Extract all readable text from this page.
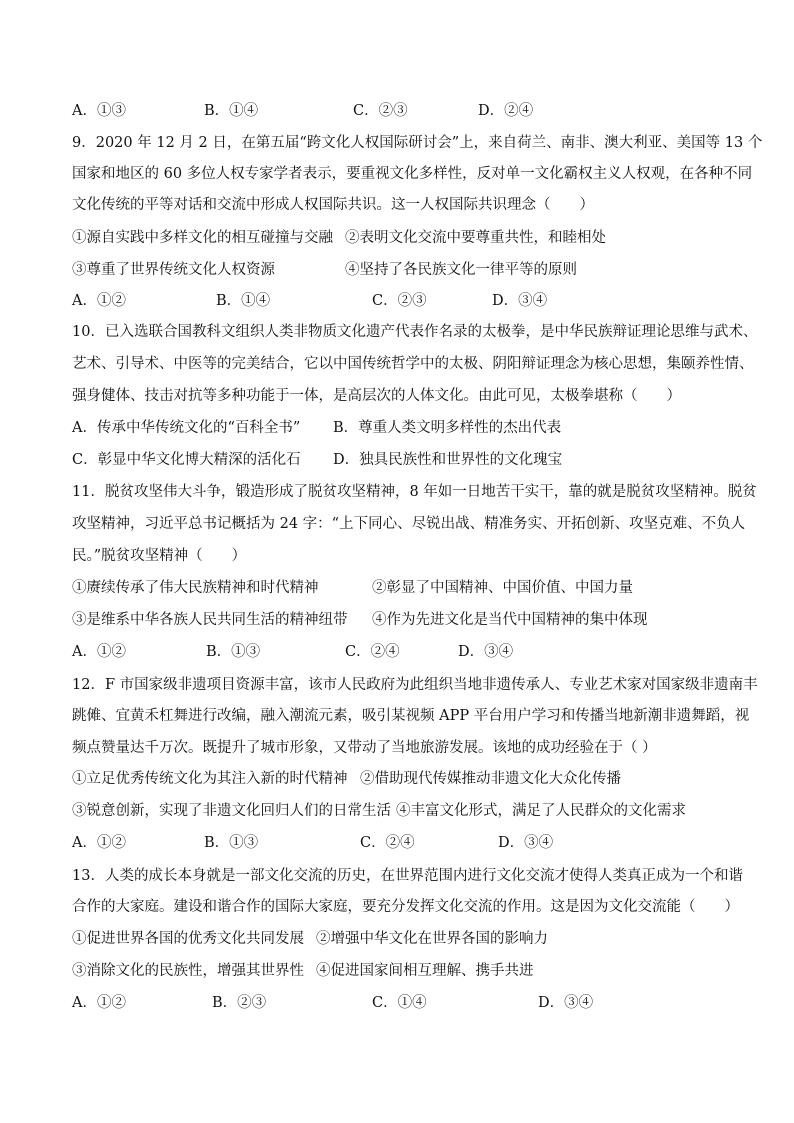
A．①③	B．①④	C．②③	D．②④
9．2020 年 12 月 2 日，在第五届“跨文化人权国际研讨会”上，来自荷兰、南非、澳大利亚、美国等 13 个
国家和地区的 60 多位人权专家学者表示，要重视文化多样性，反对单一文化霸权主义人权观，在各种不同
文化传统的平等对话和交流中形成人权国际共识。这一人权国际共识理念（　　）
①源自实践中多样文化的相互碰撞与交融 ②表明文化交流中要尊重共性，和睦相处
③尊重了世界传统文化人权资源	④坚持了各民族文化一律平等的原则
A．①②	B．①④	C．②③	D．③④
10．已入选联合国教科文组织人类非物质文化遗产代表作名录的太极拳，是中华民族辩证理论思维与武术、
艺术、引导术、中医等的完美结合，它以中国传统哲学中的太极、阴阳辩证理念为核心思想，集颐养性情、
强身健体、技击对抗等多种功能于一体，是高层次的人体文化。由此可见，太极拳堪称（　　）
A．传承中华传统文化的“百科全书” B．尊重人类文明多样性的杰出代表
C．彰显中华文化博大精深的活化石 D．独具民族性和世界性的文化瑰宝
11．脱贫攻坚伟大斗争，锻造形成了脱贫攻坚精神，8 年如一日地苦干实干，靠的就是脱贫攻坚精神。脱贫
攻坚精神，习近平总书记概括为 24 字：“上下同心、尽锐出战、精准务实、开拓创新、攻坚克难、不负人
民。”脱贫攻坚精神（　　）
①赓续传承了伟大民族精神和时代精神	②彰显了中国精神、中国价值、中国力量
③是维系中华各族人民共同生活的精神纽带 ④作为先进文化是当代中国精神的集中体现
A．①②	B．①③	C．②④	D．③④
12．F 市国家级非遗项目资源丰富，该市人民政府为此组织当地非遗传承人、专业艺术家对国家级非遗南丰
跳傩、宜黄禾杠舞进行改编，融入潮流元素，吸引某视频 APP 平台用户学习和传播当地新潮非遗舞蹈，视
频点赞量达千万次。既提升了城市形象，又带动了当地旅游发展。该地的成功经验在于（ ）
①立足优秀传统文化为其注入新的时代精神 ②借助现代传媒推动非遗文化大众化传播
③锐意创新，实现了非遗文化回归人们的日常生活 ④丰富文化形式，满足了人民群众的文化需求
A．①②	B．①③	C．②④	D．③④
13．人类的成长本身就是一部文化交流的历史，在世界范围内进行文化交流才使得人类真正成为一个和谐
合作的大家庭。建设和谐合作的国际大家庭，要充分发挥文化交流的作用。这是因为文化交流能（　　）
①促进世界各国的优秀文化共同发展 ②增强中华文化在世界各国的影响力
③消除文化的民族性，增强其世界性 ④促进国家间相互理解、携手共进
A．①②	B．②③	C．①④	D．③④
